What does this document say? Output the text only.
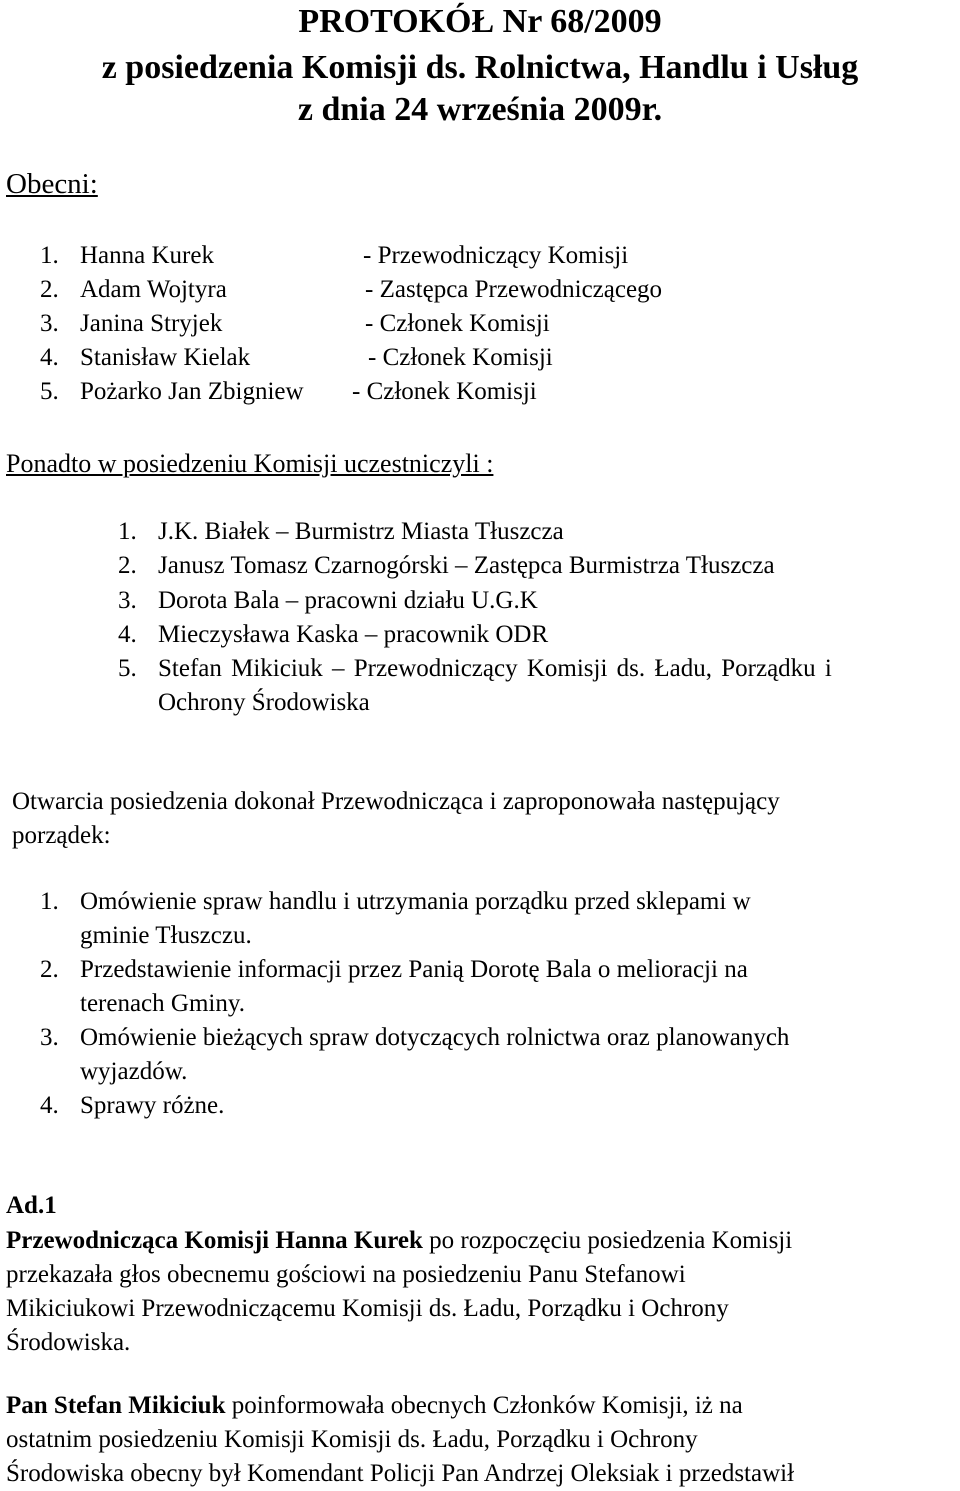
PROTOKÓŁ Nr 68/2009
z posiedzenia Komisji ds. Rolnictwa, Handlu i Usług
z dnia 24 września 2009r.
Obecni:
1. Hanna Kurek	- Przewodniczący Komisji
2. Adam Wojtyra	- Zastępca Przewodniczącego
3. Janina Stryjek	- Członek Komisji
4. Stanisław Kielak	- Członek Komisji
5. Pożarko Jan Zbigniew - Członek Komisji
Ponadto w posiedzeniu Komisji uczestniczyli :
1. J.K. Białek – Burmistrz Miasta Tłuszcza
2. Janusz Tomasz Czarnogórski – Zastępca Burmistrza Tłuszcza
3. Dorota Bala – pracowni działu U.G.K
4. Mieczysława Kaska – pracownik ODR
5. Stefan Mikiciuk – Przewodniczący Komisji ds. Ładu, Porządku i
Ochrony Środowiska
Otwarcia posiedzenia dokonał Przewodnicząca i zaproponowała następujący
porządek:
1. Omówienie spraw handlu i utrzymania porządku przed sklepami w
gminie Tłuszczu.
2. Przedstawienie informacji przez Panią Dorotę Bala o melioracji na
terenach Gminy.
3. Omówienie bieżących spraw dotyczących rolnictwa oraz planowanych
wyjazdów.
4. Sprawy różne.
Ad.1
Przewodnicząca Komisji Hanna Kurek po rozpoczęciu posiedzenia Komisji
przekazała głos obecnemu gościowi na posiedzeniu Panu Stefanowi
Mikiciukowi Przewodniczącemu Komisji ds. Ładu, Porządku i Ochrony
Środowiska.
Pan Stefan Mikiciuk poinformowała obecnych Członków Komisji, iż na
ostatnim posiedzeniu Komisji Komisji ds. Ładu, Porządku i Ochrony
Środowiska obecny był Komendant Policji Pan Andrzej Oleksiak i przedstawił
